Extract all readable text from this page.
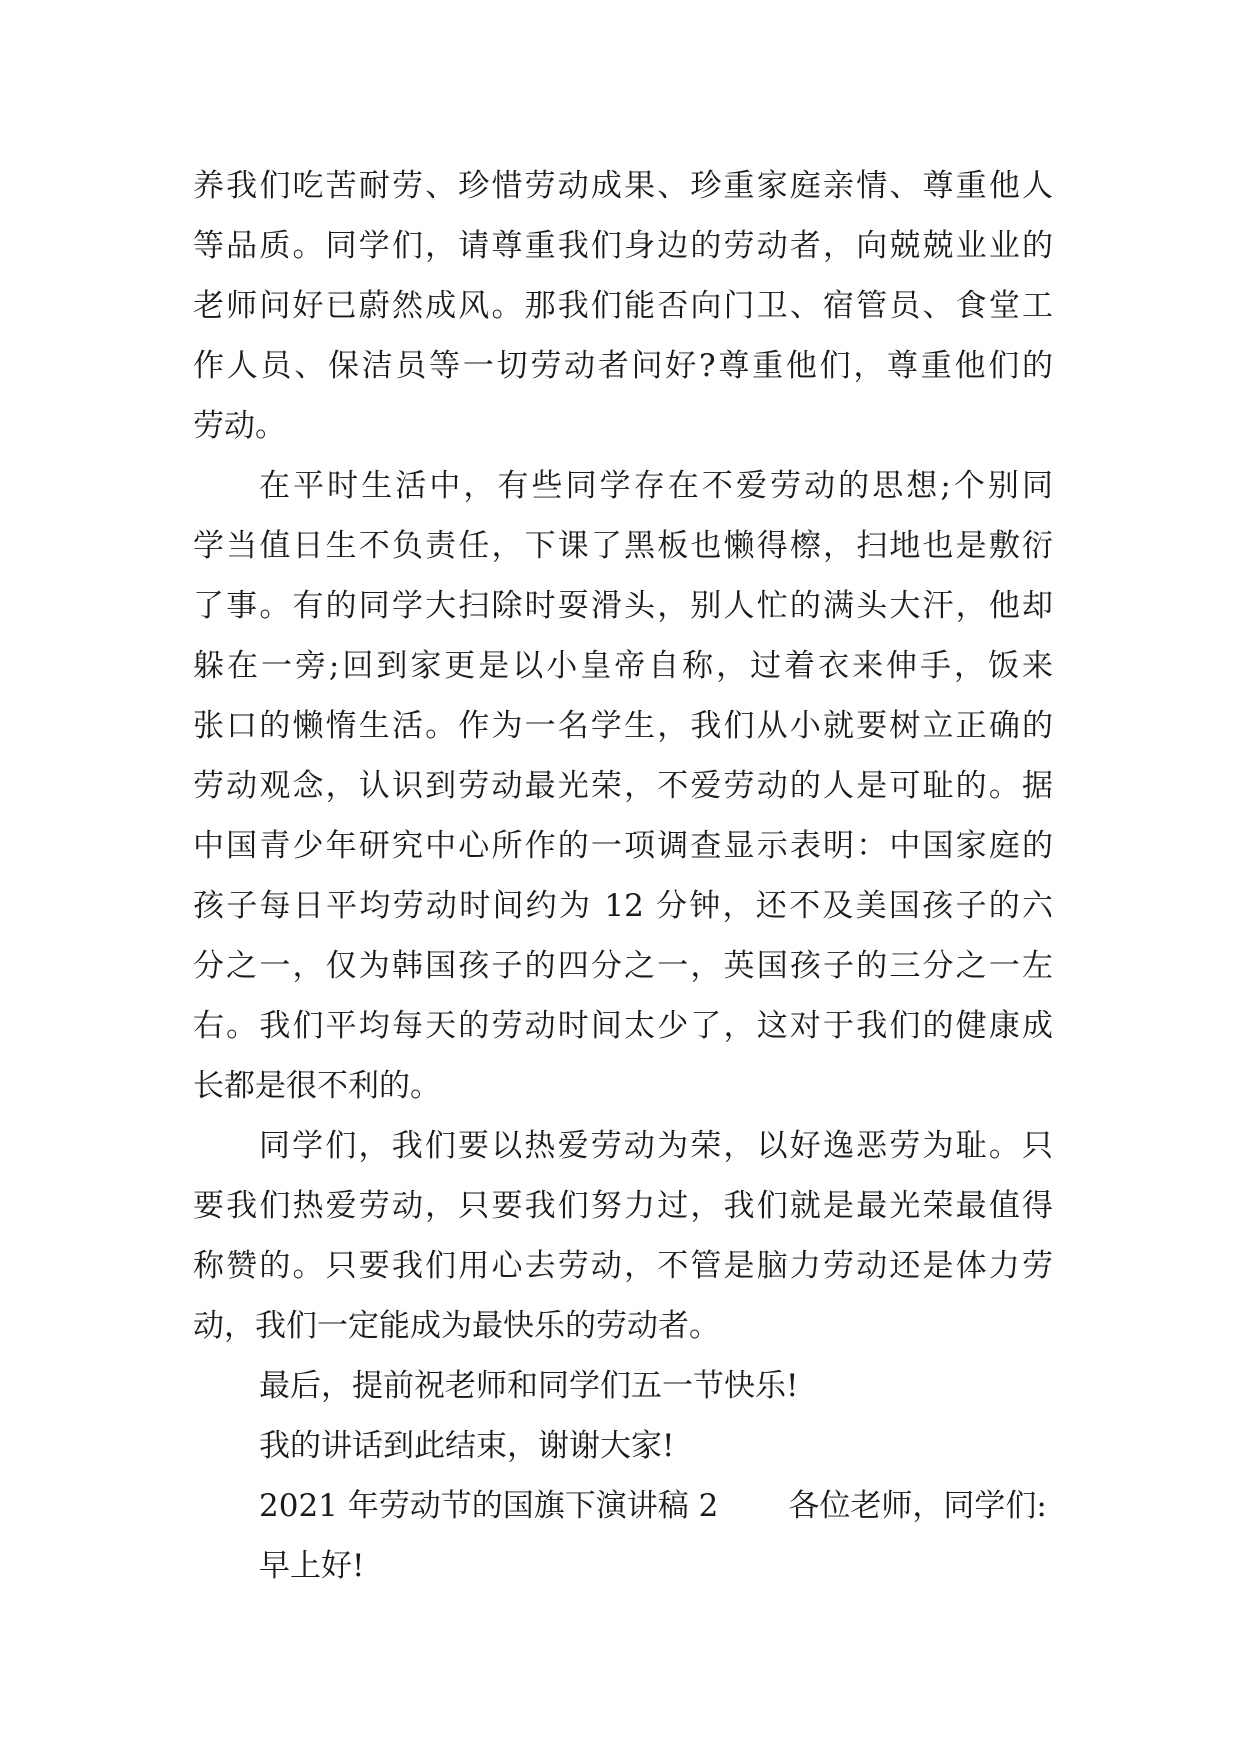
养我们吃苦耐劳、珍惜劳动成果、珍重家庭亲情、尊重他人
等品质。同学们，请尊重我们身边的劳动者，向兢兢业业的
老师问好已蔚然成风。那我们能否向门卫、宿管员、食堂工
作人员、保洁员等一切劳动者问好?尊重他们，尊重他们的
劳动。
在平时生活中，有些同学存在不爱劳动的思想;个别同
学当值日生不负责任，下课了黑板也懒得檫，扫地也是敷衍
了事。有的同学大扫除时耍滑头，别人忙的满头大汗，他却
躲在一旁;回到家更是以小皇帝自称，过着衣来伸手，饭来
张口的懒惰生活。作为一名学生，我们从小就要树立正确的
劳动观念，认识到劳动最光荣，不爱劳动的人是可耻的。据
中国青少年研究中心所作的一项调查显示表明：中国家庭的
孩子每日平均劳动时间约为 12 分钟，还不及美国孩子的六
分之一，仅为韩国孩子的四分之一，英国孩子的三分之一左
右。我们平均每天的劳动时间太少了，这对于我们的健康成
长都是很不利的。
同学们，我们要以热爱劳动为荣，以好逸恶劳为耻。只
要我们热爱劳动，只要我们努力过，我们就是最光荣最值得
称赞的。只要我们用心去劳动，不管是脑力劳动还是体力劳
动，我们一定能成为最快乐的劳动者。
最后，提前祝老师和同学们五一节快乐!
我的讲话到此结束，谢谢大家!
2021 年劳动节的国旗下演讲稿 2 各位老师，同学们:
早上好!
